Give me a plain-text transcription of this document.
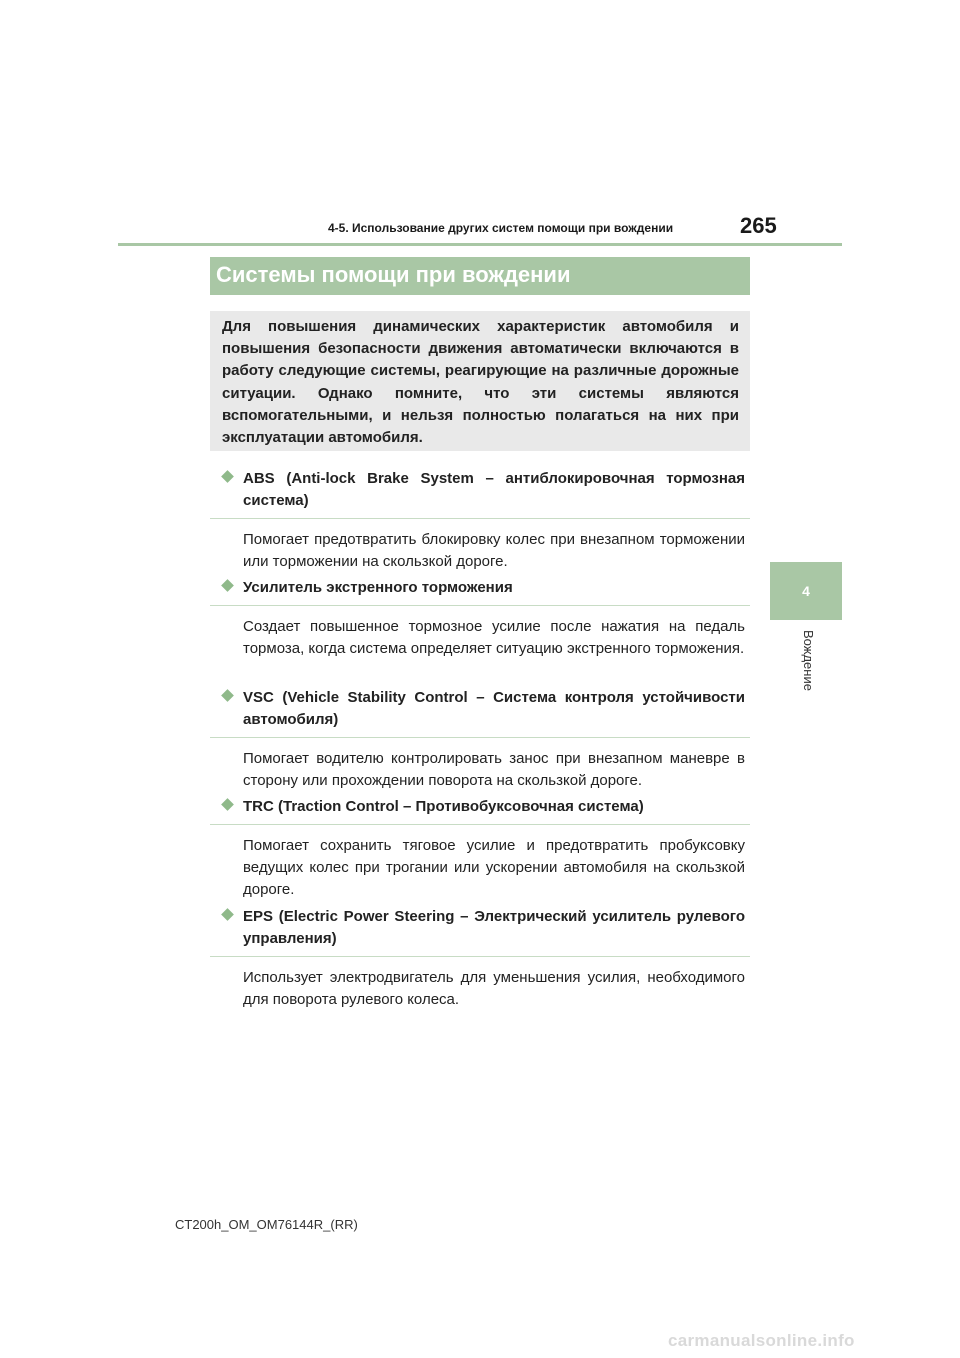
4-5. Использование других систем помощи при вождении	265
4
Вождение
Системы помощи при вождении

Для повышения динамических характеристик автомобиля и повышения безопасности движения автоматически включаются в работу следующие системы, реагирующие на различные дорожные ситуации. Однако помните, что эти системы являются вспомогательными, и нельзя полностью полагаться на них при эксплуатации автомобиля.

ABS (Anti-lock Brake System – антиблокировочная тормозная система)

Помогает предотвратить блокировку колес при внезапном торможении или торможении на скользкой дороге.

Усилитель экстренного торможения

Создает повышенное тормозное усилие после нажатия на педаль тормоза, когда система определяет ситуацию экстренного торможения.

VSC (Vehicle Stability Control – Система контроля устойчивости автомобиля)

Помогает водителю контролировать занос при внезапном маневре в сторону или прохождении поворота на скользкой дороге.

TRC (Traction Control – Противобуксовочная система)

Помогает сохранить тяговое усилие и предотвратить пробуксовку ведущих колес при трогании или ускорении автомобиля на скользкой дороге.

EPS (Electric Power Steering – Электрический усилитель рулевого управления)

Использует электродвигатель для уменьшения усилия, необходимого для поворота рулевого колеса.

CT200h_OM_OM76144R_(RR)
carmanualsonline.info
